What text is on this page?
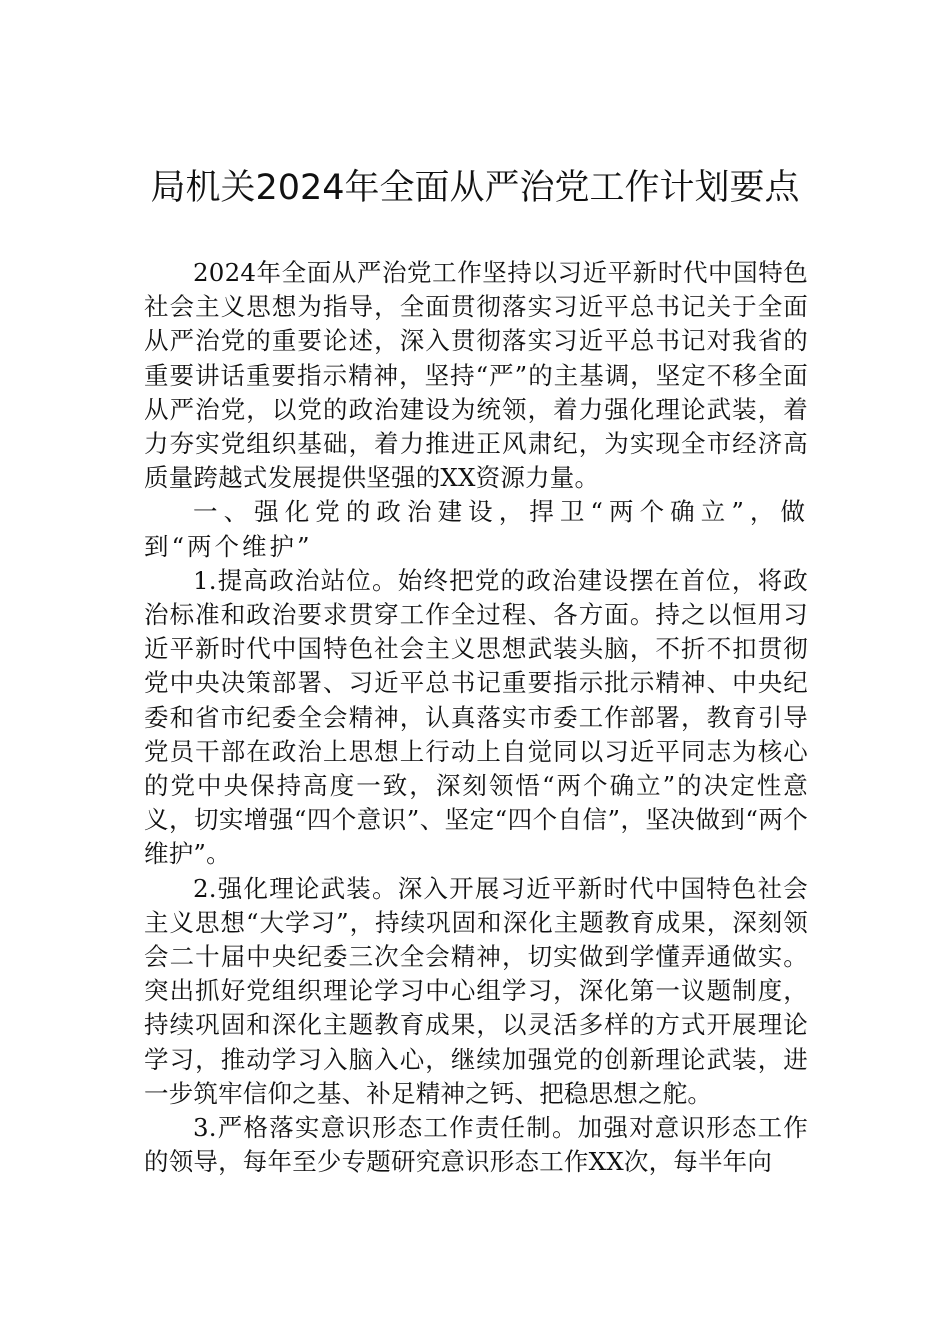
局机关2024年全面从严治党工作计划要点

2024年全面从严治党工作坚持以习近平新时代中国特色社会主义思想为指导，全面贯彻落实习近平总书记关于全面从严治党的重要论述，深入贯彻落实习近平总书记对我省的重要讲话重要指示精神，坚持“严”的主基调，坚定不移全面从严治党，以党的政治建设为统领，着力强化理论武装，着力夯实党组织基础，着力推进正风肃纪，为实现全市经济高质量跨越式发展提供坚强的XX资源力量。

一、强化党的政治建设，捍卫“两个确立”，做到“两个维护”

1.提高政治站位。始终把党的政治建设摆在首位，将政治标准和政治要求贯穿工作全过程、各方面。持之以恒用习近平新时代中国特色社会主义思想武装头脑，不折不扣贯彻党中央决策部署、习近平总书记重要指示批示精神、中央纪委和省市纪委全会精神，认真落实市委工作部署，教育引导党员干部在政治上思想上行动上自觉同以习近平同志为核心的党中央保持高度一致，深刻领悟“两个确立”的决定性意义，切实增强“四个意识”、坚定“四个自信”，坚决做到“两个维护”。

2.强化理论武装。深入开展习近平新时代中国特色社会主义思想“大学习”，持续巩固和深化主题教育成果，深刻领会二十届中央纪委三次全会精神，切实做到学懂弄通做实。突出抓好党组织理论学习中心组学习，深化第一议题制度，持续巩固和深化主题教育成果，以灵活多样的方式开展理论学习，推动学习入脑入心，继续加强党的创新理论武装，进一步筑牢信仰之基、补足精神之钙、把稳思想之舵。

3.严格落实意识形态工作责任制。加强对意识形态工作的领导，每年至少专题研究意识形态工作XX次，每半年向
